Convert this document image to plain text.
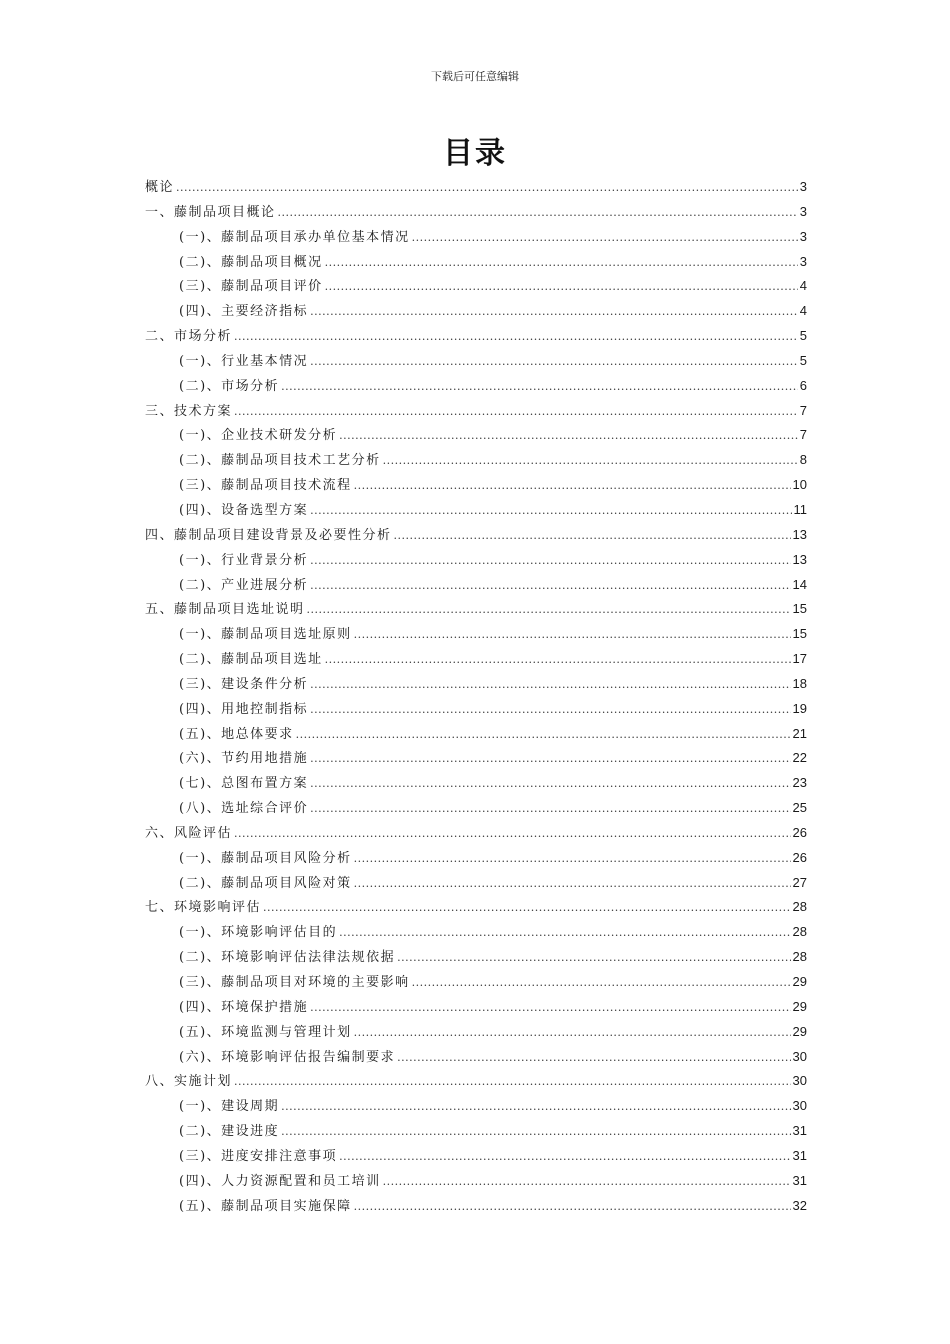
下载后可任意编辑
目录
概论 .....	3
一、藤制品项目概论 .....	3
(一)、藤制品项目承办单位基本情况 .....	3
(二)、藤制品项目概况 .....	3
(三)、藤制品项目评价 .....	4
(四)、主要经济指标 .....	4
二、市场分析 .....	5
(一)、行业基本情况 .....	5
(二)、市场分析 .....	6
三、技术方案 .....	7
(一)、企业技术研发分析 .....	7
(二)、藤制品项目技术工艺分析 .....	8
(三)、藤制品项目技术流程 .....	10
(四)、设备选型方案 .....	11
四、藤制品项目建设背景及必要性分析 .....	13
(一)、行业背景分析 .....	13
(二)、产业进展分析 .....	14
五、藤制品项目选址说明 .....	15
(一)、藤制品项目选址原则 .....	15
(二)、藤制品项目选址 .....	17
(三)、建设条件分析 .....	18
(四)、用地控制指标 .....	19
(五)、地总体要求 .....	21
(六)、节约用地措施 .....	22
(七)、总图布置方案 .....	23
(八)、选址综合评价 .....	25
六、风险评估 .....	26
(一)、藤制品项目风险分析 .....	26
(二)、藤制品项目风险对策 .....	27
七、环境影响评估 .....	28
(一)、环境影响评估目的 .....	28
(二)、环境影响评估法律法规依据 .....	28
(三)、藤制品项目对环境的主要影响 .....	29
(四)、环境保护措施 .....	29
(五)、环境监测与管理计划 .....	29
(六)、环境影响评估报告编制要求 .....	30
八、实施计划 .....	30
(一)、建设周期 .....	30
(二)、建设进度 .....	31
(三)、进度安排注意事项 .....	31
(四)、人力资源配置和员工培训 .....	31
(五)、藤制品项目实施保障 .....	32
